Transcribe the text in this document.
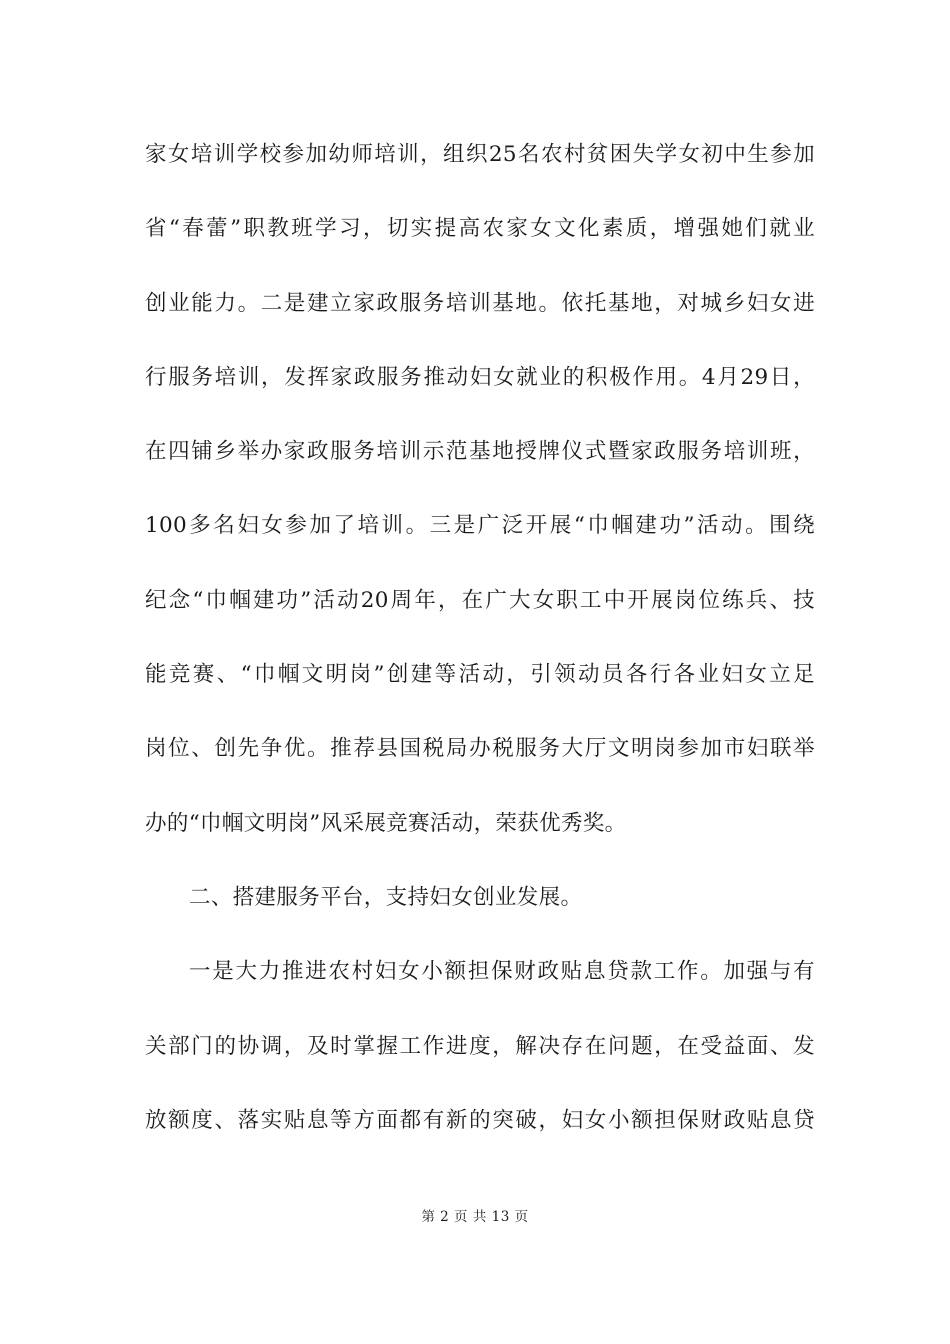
家女培训学校参加幼师培训，组织25名农村贫困失学女初中生参加
省“春蕾”职教班学习，切实提高农家女文化素质，增强她们就业
创业能力。二是建立家政服务培训基地。依托基地，对城乡妇女进
行服务培训，发挥家政服务推动妇女就业的积极作用。4月29日，
在四铺乡举办家政服务培训示范基地授牌仪式暨家政服务培训班，
100多名妇女参加了培训。三是广泛开展“巾帼建功”活动。围绕
纪念“巾帼建功”活动20周年，在广大女职工中开展岗位练兵、技
能竞赛、“巾帼文明岗”创建等活动，引领动员各行各业妇女立足
岗位、创先争优。推荐县国税局办税服务大厅文明岗参加市妇联举
办的“巾帼文明岗”风采展竞赛活动，荣获优秀奖。
二、搭建服务平台，支持妇女创业发展。
一是大力推进农村妇女小额担保财政贴息贷款工作。加强与有
关部门的协调，及时掌握工作进度，解决存在问题，在受益面、发
放额度、落实贴息等方面都有新的突破，妇女小额担保财政贴息贷
第 2 页 共 13 页
